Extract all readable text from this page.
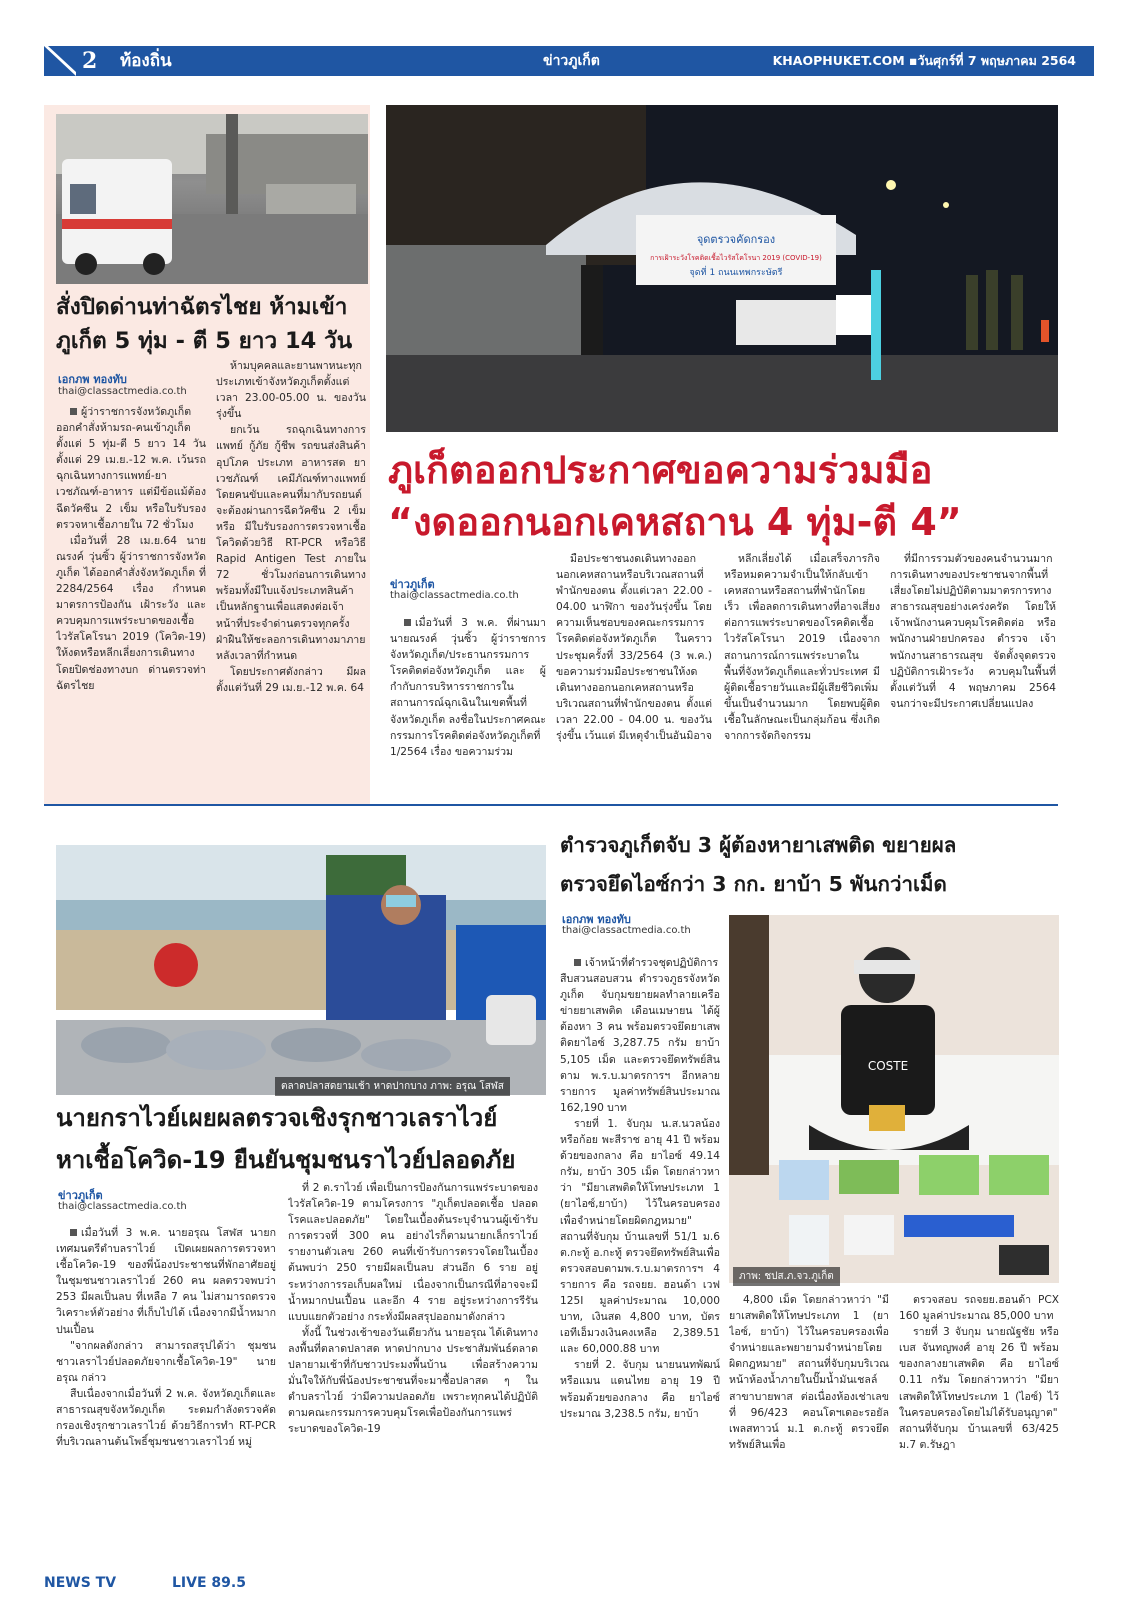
2 ท้องถิ่น	ข่าวภูเก็ต	KHAOPHUKET.COM ▪วันศุกร์ที่ 7 พฤษภาคม 2564
สั่งปิดด่านท่าฉัตรไชย ห้ามเข้าภูเก็ต 5 ทุ่ม - ตี 5 ยาว 14 วัน
เอกภพ ทองทับ
thai@classactmedia.co.th

ผู้ว่าราชการจังหวัดภูเก็ต ออกคำสั่งห้ามรถ-คนเข้าภูเก็ต ตั้งแต่ 5 ทุ่ม-ตี 5 ยาว 14 วัน ตั้งแต่ 29 เม.ย.-12 พ.ค. เว้นรถฉุกเฉินทางการแพทย์-ยาเวชภัณฑ์-อาหาร แต่มีข้อแม้ต้องฉีดวัคซีน 2 เข็ม หรือใบรับรองตรวจหาเชื้อภายใน 72 ชั่วโมง

เมื่อวันที่ 28 เม.ย.64 นายณรงค์ วุ่นซิ้ว ผู้ว่าราชการจังหวัดภูเก็ต ได้ออกคำสั่งจังหวัดภูเก็ต ที่ 2284/2564 เรื่อง กำหนดมาตรการป้องกัน เฝ้าระวัง และควบคุมการแพร่ระบาดของเชื้อไวรัสโคโรนา 2019 (โควิด-19) ให้งดหรือหลีกเลี่ยงการเดินทาง โดยปิดช่องทางบก ด่านตรวจท่าฉัตรไชย

ห้ามบุคคลและยานพาหนะทุกประเภทเข้าจังหวัดภูเก็ตตั้งแต่เวลา 23.00-05.00 น. ของวันรุ่งขึ้น

ยกเว้น รถฉุกเฉินทางการแพทย์ กู้ภัย กู้ชีพ รถขนส่งสินค้าอุปโภค ประเภท อาหารสด ยาเวชภัณฑ์ เคมีภัณฑ์ทางแพทย์ โดยคนขับและคนที่มากับรถยนต์จะต้องผ่านการฉีดวัคซีน 2 เข็ม หรือ มีใบรับรองการตรวจหาเชื้อโควิดด้วยวิธี RT-PCR หรือวิธี Rapid Antigen Test ภายใน 72 ชั่วโมงก่อนการเดินทาง พร้อมทั้งมีใบแจ้งประเภทสินค้าเป็นหลักฐานเพื่อแสดงต่อเจ้าหน้าที่ประจำด่านตรวจทุกครั้ง ฝ่าฝืนให้ชะลอการเดินทางมาภายหลังเวลาที่กำหนด

โดยประกาศดังกล่าว มีผลตั้งแต่วันที่ 29 เม.ย.-12 พ.ค. 64

จุดตรวจคัดกรอง
การเฝ้าระวังโรคติดเชื้อไวรัสโคโรนา 2019 (COVID-19)
จุดที่ 1 ถนนเทพกระษัตรี
ภูเก็ตออกประกาศขอความร่วมมือ
“งดออกนอกเคหสถาน 4 ทุ่ม-ตี 4”
ข่าวภูเก็ต
thai@classactmedia.co.th

เมื่อวันที่ 3 พ.ค. ที่ผ่านมา นายณรงค์ วุ่นซิ้ว ผู้ว่าราชการจังหวัดภูเก็ต/ประธานกรรมการโรคติดต่อจังหวัดภูเก็ต และ ผู้กำกับการบริหารราชการในสถานการณ์ฉุกเฉินในเขตพื้นที่จังหวัดภูเก็ต ลงชื่อในประกาศคณะกรรมการโรคติดต่อจังหวัดภูเก็ตที่ 1/2564 เรื่อง ขอความร่วม

มือประชาชนงดเดินทางออกนอกเคหสถานหรือบริเวณสถานที่พำนักของตน ตั้งแต่เวลา 22.00 - 04.00 นาฬิกา ของวันรุ่งขึ้น โดยความเห็นชอบของคณะกรรมการโรคติดต่อจังหวัดภูเก็ต ในคราวประชุมครั้งที่ 33/2564 (3 พ.ค.) ขอความร่วมมือประชาชนให้งดเดินทางออกนอกเคหสถานหรือบริเวณสถานที่พำนักของตน ตั้งแต่เวลา 22.00 - 04.00 น. ของวันรุ่งขึ้น เว้นแต่ มีเหตุจำเป็นอันมิอาจ

หลีกเลี่ยงได้ เมื่อเสร็จภารกิจหรือหมดความจำเป็นให้กลับเข้าเคหสถานหรือสถานที่พำนักโดยเร็ว เพื่อลดการเดินทางที่อาจเสี่ยงต่อการแพร่ระบาดของโรคติดเชื้อไวรัสโคโรนา 2019 เนื่องจากสถานการณ์การแพร่ระบาดในพื้นที่จังหวัดภูเก็ตและทั่วประเทศ มีผู้ติดเชื้อรายวันและมีผู้เสียชีวิตเพิ่มขึ้นเป็นจำนวนมาก โดยพบผู้ติดเชื้อในลักษณะเป็นกลุ่มก้อน ซึ่งเกิดจากการจัดกิจกรรม

ที่มีการรวมตัวของคนจำนวนมาก การเดินทางของประชาชนจากพื้นที่เสี่ยงโดยไม่ปฏิบัติตามมาตรการทางสาธารณสุขอย่างเคร่งครัด โดยให้เจ้าพนักงานควบคุมโรคติดต่อ หรือพนักงานฝ่ายปกครอง ตำรวจ เจ้าพนักงานสาธารณสุข จัดตั้งจุดตรวจ ปฏิบัติการเฝ้าระวัง ควบคุมในพื้นที่ ตั้งแต่วันที่ 4 พฤษภาคม 2564 จนกว่าจะมีประกาศเปลี่ยนแปลง

ตลาดปลาสดยามเช้า หาดปากบาง ภาพ: อรุณ โสฬส
นายกราไวย์เผยผลตรวจเชิงรุกชาวเลราไวย์
หาเชื้อโควิด-19 ยืนยันชุมชนราไวย์ปลอดภัย
ข่าวภูเก็ต
thai@classactmedia.co.th

เมื่อวันที่ 3 พ.ค. นายอรุณ โสฬส นายกเทศมนตรีตำบลราไวย์ เปิดเผยผลการตรวจหาเชื้อโควิด-19 ของพี่น้องประชาชนที่พักอาศัยอยู่ในชุมชนชาวเลราไวย์ 260 คน ผลตรวจพบว่า 253 มีผลเป็นลบ ที่เหลือ 7 คน ไม่สามารถตรวจวิเคราะห์ตัวอย่าง ที่เก็บไปได้ เนื่องจากมีน้ำหมากปนเปื้อน

"จากผลดังกล่าว สามารถสรุปได้ว่า ชุมชนชาวเลราไวย์ปลอดภัยจากเชื้อโควิด-19" นายอรุณ กล่าว

สืบเนื่องจากเมื่อวันที่ 2 พ.ค. จังหวัดภูเก็ตและสาธารณสุขจังหวัดภูเก็ต ระดมกำลังตรวจคัดกรองเชิงรุกชาวเลราไวย์ ด้วยวิธีการทำ RT-PCR ที่บริเวณลานต้นโพธิ์ชุมชนชาวเลราไวย์ หมู่

ที่ 2 ต.ราไวย์ เพื่อเป็นการป้องกันการแพร่ระบาดของไวรัสโควิด-19 ตามโครงการ "ภูเก็ตปลอดเชื้อ ปลอดโรคและปลอดภัย" โดยในเบื้องต้นระบุจำนวนผู้เข้ารับการตรวจที่ 300 คน อย่างไรก็ตามนายกเล็กราไวย์รายงานตัวเลข 260 คนที่เข้ารับการตรวจโดยในเบื้องต้นพบว่า 250 รายมีผลเป็นลบ ส่วนอีก 6 ราย อยู่ระหว่างการรอเก็บผลใหม่ เนื่องจากเป็นกรณีที่อาจจะมีน้ำหมากปนเปื้อน และอีก 4 ราย อยู่ระหว่างการรีรันแบบแยกตัวอย่าง กระทั่งมีผลสรุปออกมาดังกล่าว

ทั้งนี้ ในช่วงเช้าของวันเดียวกัน นายอรุณ ได้เดินทางลงพื้นที่ตลาดปลาสด หาดปากบาง ประชาสัมพันธ์ตลาดปลายามเช้าที่กับชาวประมงพื้นบ้าน เพื่อสร้างความมั่นใจให้กับพี่น้องประชาชนที่จะมาซื้อปลาสด ๆ ในตำบลราไวย์ ว่ามีความปลอดภัย เพราะทุกคนได้ปฏิบัติตามคณะกรรมการควบคุมโรคเพื่อป้องกันการแพร่ระบาดของโควิด-19

ตำรวจภูเก็ตจับ 3 ผู้ต้องหายาเสพติด ขยายผล
ตรวจยึดไอซ์กว่า 3 กก. ยาบ้า 5 พันกว่าเม็ด
เอกภพ ทองทับ
thai@classactmedia.co.th

เจ้าหน้าที่ตำรวจชุดปฏิบัติการสืบสวนสอบสวน ตำรวจภูธรจังหวัดภูเก็ต จับกุมขยายผลทำลายเครือข่ายยาเสพติด เดือนเมษายน ได้ผู้ต้องหา 3 คน พร้อมตรวจยึดยาเสพติดยาไอซ์ 3,287.75 กรัม ยาบ้า 5,105 เม็ด และตรวจยึดทรัพย์สินตาม พ.ร.บ.มาตรการฯ อีกหลายรายการ มูลค่าทรัพย์สินประมาณ 162,190 บาท

รายที่ 1. จับกุม น.ส.นวลน้อง หรือก้อย พะสีราช อายุ 41 ปี พร้อมด้วยของกลาง คือ ยาไอซ์ 49.14 กรัม, ยาบ้า 305 เม็ด โดยกล่าวหาว่า "มียาเสพติดให้โทษประเภท 1 (ยาไอซ์,ยาบ้า) ไว้ในครอบครอง เพื่อจำหน่ายโดยผิดกฎหมาย" สถานที่จับกุม บ้านเลขที่ 51/1 ม.6 ต.กะทู้ อ.กะทู้ ตรวจยึดทรัพย์สินเพื่อตรวจสอบตามพ.ร.บ.มาตรการฯ 4 รายการ คือ รถจยย. ฮอนด้า เวฟ 125I มูลค่าประมาณ 10,000 บาท, เงินสด 4,800 บาท, บัตรเอทีเอ็มวงเงินคงเหลือ 2,389.51 และ 60,000.88 บาท

รายที่ 2. จับกุม นายนนทพัฒน์ หรือแมน แดนไทย อายุ 19 ปี พร้อมด้วยของกลาง คือ ยาไอซ์ ประมาณ 3,238.5 กรัม, ยาบ้า

COSTE
ภาพ: ชปส.ภ.จว.ภูเก็ต

4,800 เม็ด โดยกล่าวหาว่า "มียาเสพติดให้โทษประเภท 1 (ยาไอซ์, ยาบ้า) ไว้ในครอบครองเพื่อจำหน่ายและพยายามจำหน่ายโดยผิดกฎหมาย" สถานที่จับกุมบริเวณหน้าห้องน้ำภายในปั๊มน้ำมันเชลล์ สาขาบายพาส ต่อเนื่องห้องเช่าเลขที่ 96/423 คอนโดฯเดอะรอยัลเพลสทาวน์ ม.1 ต.กะทู้ ตรวจยึดทรัพย์สินเพื่อ

ตรวจสอบ รถจยย.ฮอนด้า PCX 160 มูลค่าประมาณ 85,000 บาท

รายที่ 3 จับกุม นายณัฐชัย หรือเบส จันทญพงศ์ อายุ 26 ปี พร้อมของกลางยาเสพติด คือ ยาไอซ์ 0.11 กรัม โดยกล่าวหาว่า "มียาเสพติดให้โทษประเภท 1 (ไอซ์) ไว้ในครอบครองโดยไม่ได้รับอนุญาต" สถานที่จับกุม บ้านเลขที่ 63/425 ม.7 ต.รัษฎา

NEWS TV	LIVE 89.5
